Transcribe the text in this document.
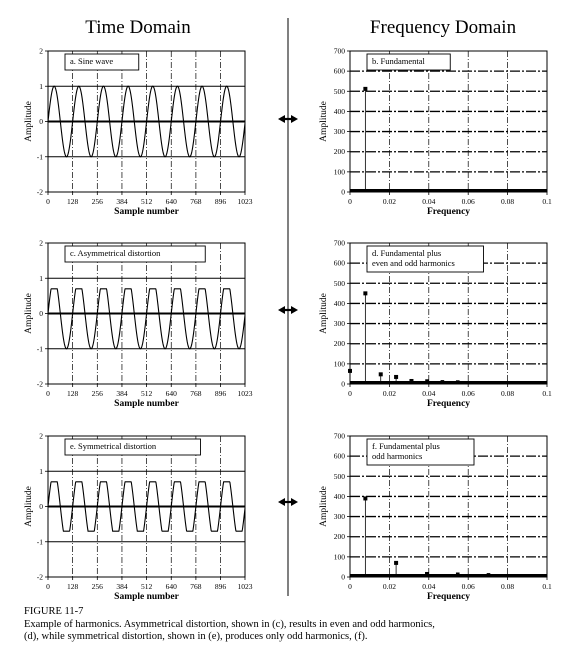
Time Domain	Frequency Domain
0 128 256 384 512 640 768 896 1023
-2
-1
0
1
2
Sample number
Amplitude
a. Sine wave
0	0.02	0.04	0.06	0.08	0.1
0
100
200
300
400
500
600
700
Frequency
Amplitude
b. Fundamental
0 128 256 384 512 640 768 896 1023
-2
-1
0
1
2
Sample number
Amplitude
c. Asymmetrical distortion
0	0.02	0.04	0.06	0.08	0.1
0
100
200
300
400
500
600
700
Frequency
Amplitude
d. Fundamental plus
even and odd harmonics
0 128 256 384 512 640 768 896 1023
-2
-1
0
1
2
Sample number
Amplitude
e. Symmetrical distortion
0	0.02	0.04	0.06	0.08	0.1
0
100
200
300
400
500
600
700
Frequency
Amplitude
f. Fundamental plus
odd harmonics
FIGURE 11-7
Example of harmonics. Asymmetrical distortion, shown in (c), results in even and odd harmonics,
(d), while symmetrical distortion, shown in (e), produces only odd harmonics, (f).
